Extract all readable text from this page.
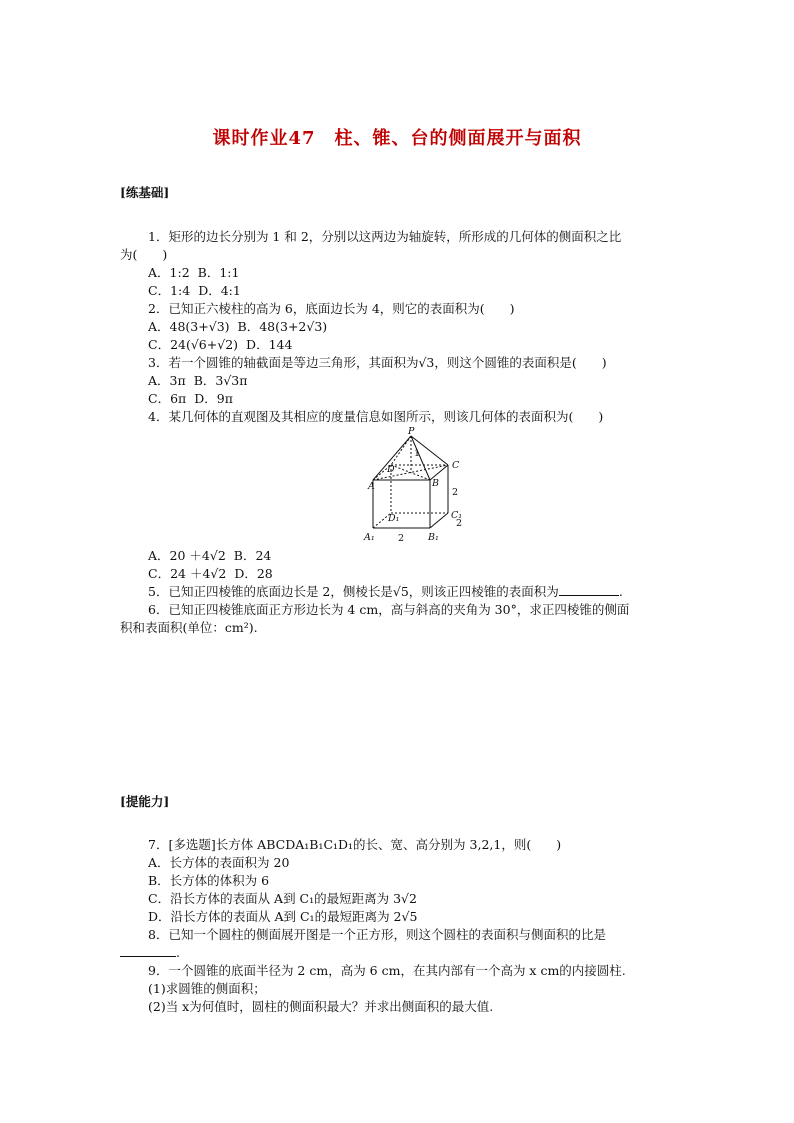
课时作业47　柱、锥、台的侧面展开与面积
[练基础]
1．矩形的边长分别为 1 和 2，分别以这两边为轴旋转，所形成的几何体的侧面积之比
为(　　)
A．1:2 B．1:1
C．1:4 D．4:1
2．已知正六棱柱的高为 6，底面边长为 4，则它的表面积为(　　)
A．48(3+√3) B．48(3+2√3)
C．24(√6+√2) D．144
3．若一个圆锥的轴截面是等边三角形，其面积为√3，则这个圆锥的表面积是(　　)
A．3π B．3√3π
C．6π D．9π
4．某几何体的直观图及其相应的度量信息如图所示，则该几何体的表面积为(　　)
P
D
A	B
C
D₁	C₁
A₁	B₁
1
2
2
2
A．20 ＋4√2 B．24
C．24 ＋4√2 D．28
5．已知正四棱锥的底面边长是 2，侧棱长是√5，则该正四棱锥的表面积为	.
6．已知正四棱锥底面正方形边长为 4 cm，高与斜高的夹角为 30°，求正四棱锥的侧面
积和表面积(单位：cm²).
[提能力]
7．[多选题]长方体 ABCDA₁B₁C₁D₁的长、宽、高分别为 3,2,1，则(　　)
A．长方体的表面积为 20
B．长方体的体积为 6
C．沿长方体的表面从 A到 C₁的最短距离为 3√2
D．沿长方体的表面从 A到 C₁的最短距离为 2√5
8．已知一个圆柱的侧面展开图是一个正方形，则这个圆柱的表面积与侧面积的比是
.
9．一个圆锥的底面半径为 2 cm，高为 6 cm，在其内部有一个高为 x cm的内接圆柱.
(1)求圆锥的侧面积；
(2)当 x为何值时，圆柱的侧面积最大？并求出侧面积的最大值.
